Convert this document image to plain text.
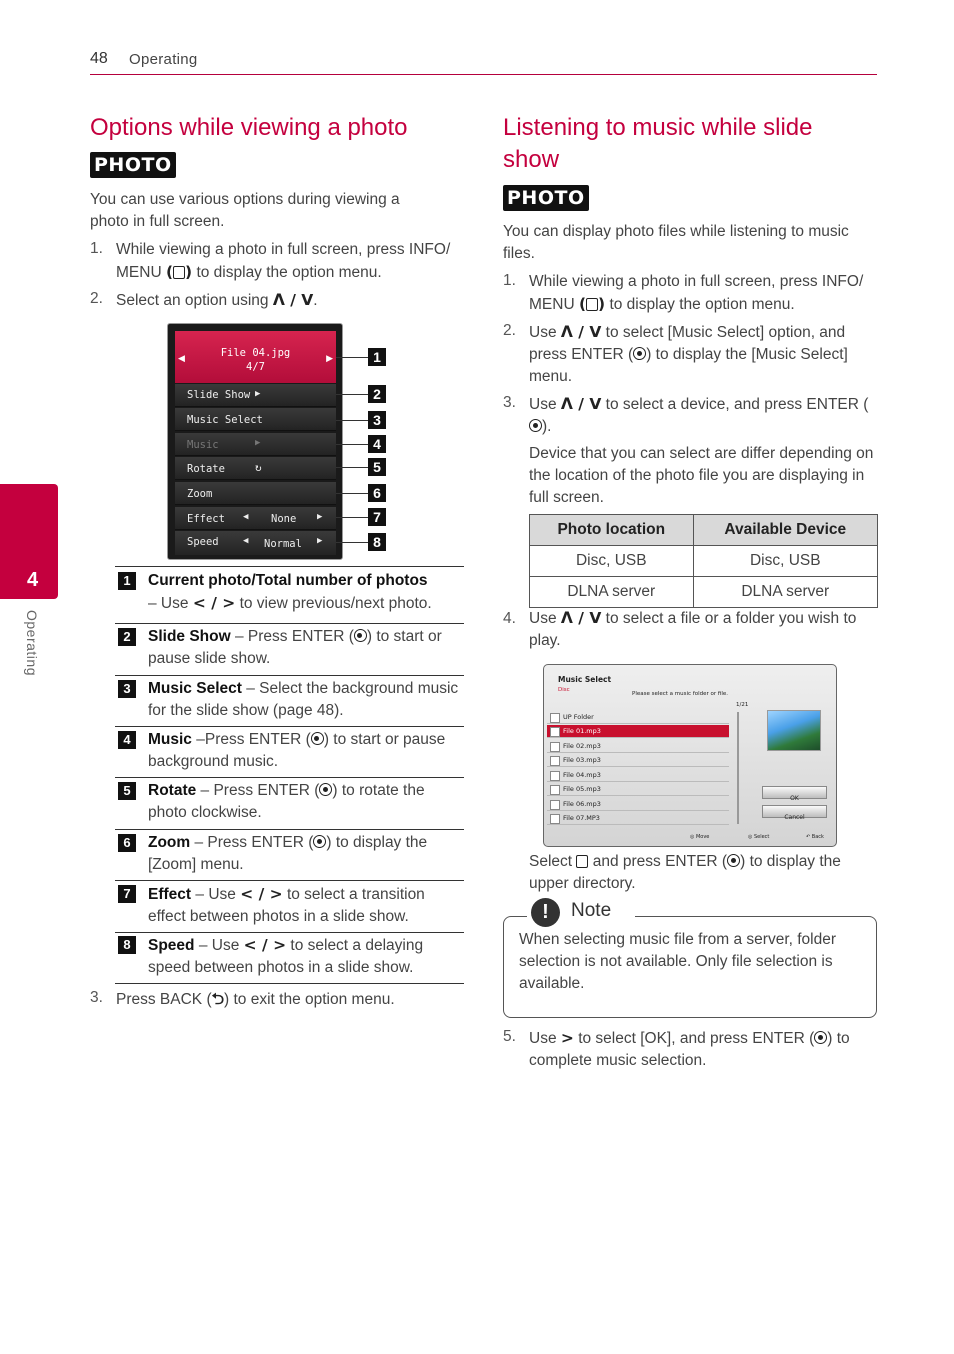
48 Operating
4
Operating
Options while viewing a photo
PHOTO
You can use various options during viewing a photo in full screen.
1. While viewing a photo in full screen, press INFO/
MENU ( ) to display the option menu.
2. Select an option using Λ / V.
◀	▶
File 04.jpg
4/7
Slide Show ▶
Music Select
Music	▶
Rotate	↻
Zoom
Effect ◀ None ▶
Speed	◀ Normal ▶
1
2
3
4
5
6
7
8
1	Current photo/Total number of photos
– Use < / > to view previous/next photo.
2	Slide Show – Press ENTER ( ) to start or pause slide show.
3	Music Select – Select the background music for the slide show (page 48).
4	Music –Press ENTER ( ) to start or pause background music.
5	Rotate – Press ENTER ( ) to rotate the photo clockwise.
6	Zoom – Press ENTER ( ) to display the [Zoom] menu.
7	Effect – Use < / > to select a transition effect between photos in a slide show.
8	Speed – Use < / > to select a delaying speed between photos in a slide show.
3. Press BACK (⮌) to exit the option menu.
Listening to music while slide
show
PHOTO
You can display photo files while listening to music files.
1. While viewing a photo in full screen, press INFO/
MENU ( ) to display the option menu.
2. Use Λ / V to select [Music Select] option, and press ENTER ( ) to display the [Music Select] menu.
3. Use Λ / V to select a device, and press ENTER ().
Device that you can select are differ depending on the location of the photo file you are displaying in full screen.
Photo location	Available Device
Disc, USB	Disc, USB
DLNA server	DLNA server
4. Use Λ / V to select a file or a folder you wish to play.
Music Select
Disc
Please select a music folder or file.
1/21
UP Folder
File 01.mp3
File 02.mp3
File 03.mp3
File 04.mp3
File 05.mp3
File 06.mp3
File 07.MP3
OK
Cancel
◎ Move	◎ Select	↶ Back
Select and press ENTER ( ) to display the upper directory.
!	Note
When selecting music file from a server, folder selection is not available. Only file selection is available.
5. Use > to select [OK], and press ENTER ( ) to complete music selection.
